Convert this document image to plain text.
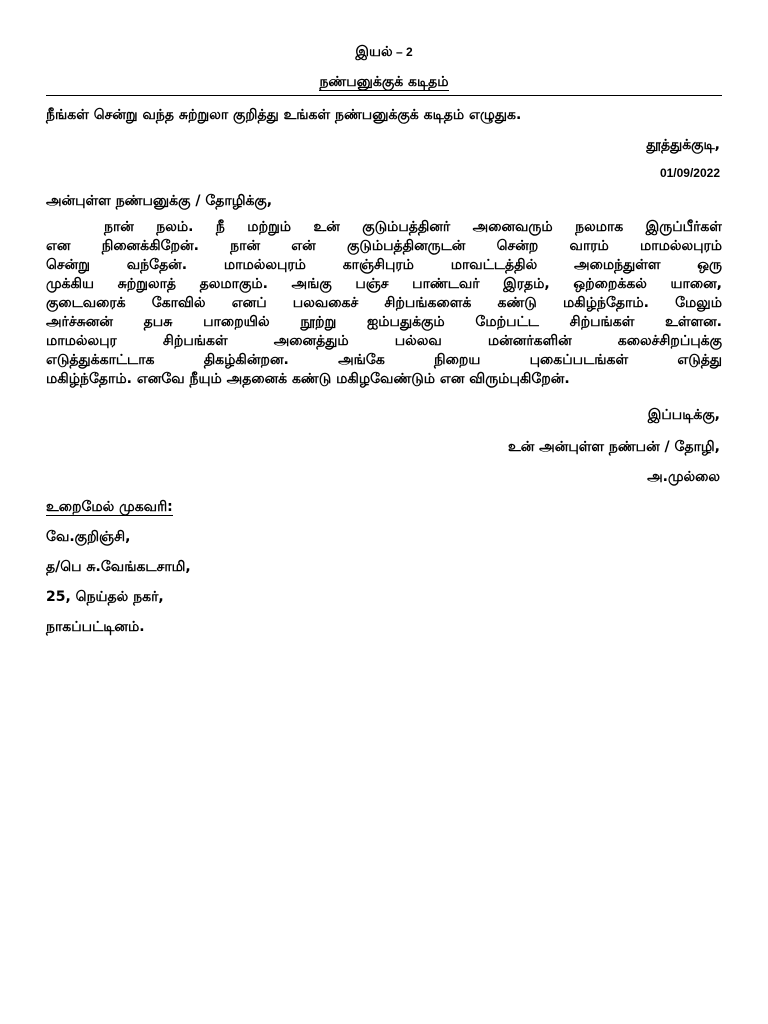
இயல் – 2
நண்பனுக்குக் கடிதம்
நீங்கள் சென்று வந்த சுற்றுலா குறித்து உங்கள் நண்பனுக்குக் கடிதம் எழுதுக.
தூத்துக்குடி,
01/09/2022
அன்புள்ள நண்பனுக்கு / தோழிக்கு,
நான் நலம். நீ மற்றும் உன் குடும்பத்தினர் அனைவரும் நலமாக இருப்பீர்கள்
என நினைக்கிறேன். நான் என் குடும்பத்தினருடன் சென்ற வாரம் மாமல்லபுரம்
சென்று வந்தேன். மாமல்லபுரம் காஞ்சிபுரம் மாவட்டத்தில் அமைந்துள்ள ஒரு
முக்கிய சுற்றுலாத் தலமாகும். அங்கு பஞ்ச பாண்டவர் இரதம், ஒற்றைக்கல் யானை,
குடைவரைக் கோவில் எனப் பலவகைச் சிற்பங்களைக் கண்டு மகிழ்ந்தோம். மேலும்
அர்ச்சுனன் தபசு பாறையில் நூற்று ஐம்பதுக்கும் மேற்பட்ட சிற்பங்கள் உள்ளன.
மாமல்லபுர சிற்பங்கள் அனைத்தும் பல்லவ மன்னர்களின் கலைச்சிறப்புக்கு
எடுத்துக்காட்டாக திகழ்கின்றன. அங்கே நிறைய புகைப்படங்கள் எடுத்து
மகிழ்ந்தோம். எனவே நீயும் அதனைக் கண்டு மகிழவேண்டும் என விரும்புகிறேன்.
இப்படிக்கு,
உன் அன்புள்ள நண்பன் / தோழி,
அ.முல்லை
உறைமேல் முகவரி:
வே.குறிஞ்சி,
த/பெ சு.வேங்கடசாமி,
25, நெய்தல் நகர்,
நாகப்பட்டினம்.
